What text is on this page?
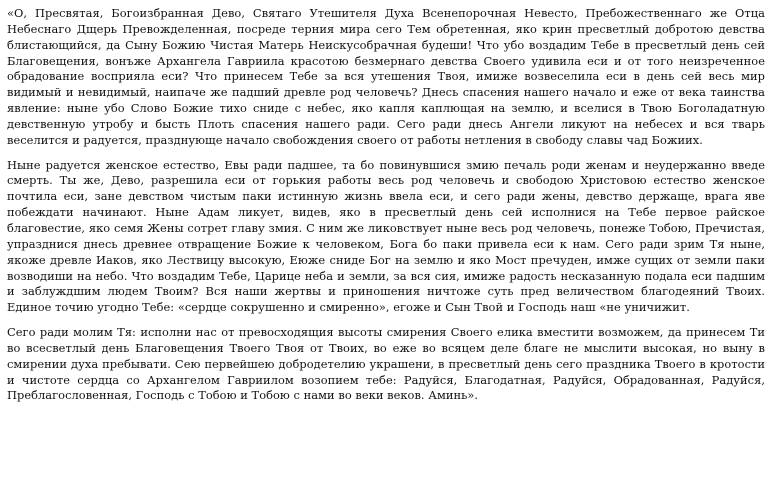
«О, Пресвятая, Богоизбранная Дево, Святаго Утешителя Духа Всенепорочная Невесто, Пребожественнаго же Отца Небеснаго Дщерь Превожделенная, посреде терния мира сего Тем обретенная, яко крин пресветлый добротою девства блистающийся, да Сыну Божию Чистая Матерь Неискусобрачная будеши! Что убо воздадим Тебе в пресветлый день сей Благовещения, вонъже Архангела Гавриила красотою безмернаго девства Своего удивила еси и от того неизреченное обрадование восприяла еси? Что принесем Тебе за вся утешения Твоя, имиже возвеселила еси в день сей весь мир видимый и невидимый, наипаче же падший древле род человечь? Днесь спасения нашего начало и еже от века таинства явление: ныне убо Слово Божие тихо сниде с небес, яко капля каплющая на землю, и вселися в Твою Боголадатную девственную утробу и бысть Плоть спасения нашего ради. Сего ради днесь Ангели ликуют на небесех и вся тварь веселится и радуется, празднующе начало свобождения своего от работы нетления в свободу славы чад Божиих.

Ныне радуется женское естество, Евы ради падшее, та бо повинувшися змию печаль роди женам и неудержанно введе смерть. Ты же, Дево, разрешила еси от горькия работы весь род человечь и свободою Христовою естество женское почтила еси, зане девством чистым паки истинную жизнь ввела еси, и сего ради жены, девство держаще, врага яве побеждати начинают. Ныне Адам ликует, видев, яко в пресветлый день сей исполнися на Тебе первое райское благовестие, яко семя Жены сотрет главу змия. С ним же ликовствует ныне весь род человечь, понеже Тобою, Пречистая, упразднися днесь древнее отвращение Божие к человеком, Бога бо паки привела еси к нам. Сего ради зрим Тя ныне, якоже древле Иаков, яко Лествицу высокую, Еюже сниде Бог на землю и яко Мост пречуден, имже сущих от земли паки возводиши на небо. Что воздадим Тебе, Царице неба и земли, за вся сия, имиже радость несказанную подала еси падшим и заблуждшим людем Твоим? Вся наши жертвы и приношения ничтоже суть пред величеством благодеяний Твоих. Единое точию угодно Тебе: «сердце сокрушенно и смиренно», егоже и Сын Твой и Господь наш «не уничижит.

Сего ради молим Тя: исполни нас от превосходящия высоты смирения Своего елика вместити возможем, да принесем Ти во всесветлый день Благовещения Твоего Твоя от Твоих, во еже во всяцем деле благе не мыслити высокая, но выну в смирении духа пребывати. Сею первейшею добродетелию украшени, в пресветлый день сего праздника Твоего в кротости и чистоте сердца со Архангелом Гавриилом возопием тебе: Радуйся, Благодатная, Радуйся, Обрадованная, Радуйся, Преблагословенная, Господь с Тобою и Тобою с нами во веки веков. Аминь».
